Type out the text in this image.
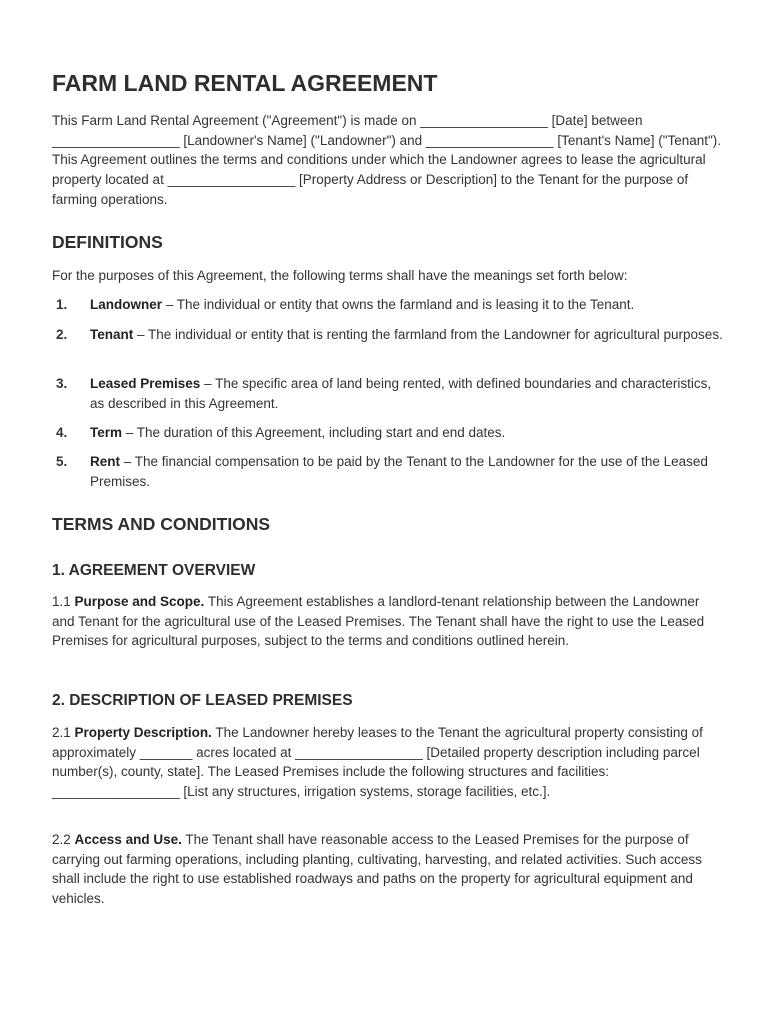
FARM LAND RENTAL AGREEMENT

This Farm Land Rental Agreement ("Agreement") is made on _________________ [Date] between _________________ [Landowner's Name] ("Landowner") and _________________ [Tenant's Name] ("Tenant"). This Agreement outlines the terms and conditions under which the Landowner agrees to lease the agricultural property located at _________________ [Property Address or Description] to the Tenant for the purpose of farming operations.

DEFINITIONS

For the purposes of this Agreement, the following terms shall have the meanings set forth below:

1. Landowner – The individual or entity that owns the farmland and is leasing it to the Tenant.
2. Tenant – The individual or entity that is renting the farmland from the Landowner for agricultural purposes.
3. Leased Premises – The specific area of land being rented, with defined boundaries and characteristics, as described in this Agreement.
4. Term – The duration of this Agreement, including start and end dates.
5. Rent – The financial compensation to be paid by the Tenant to the Landowner for the use of the Leased Premises.
TERMS AND CONDITIONS
1. AGREEMENT OVERVIEW

1.1 Purpose and Scope. This Agreement establishes a landlord-tenant relationship between the Landowner and Tenant for the agricultural use of the Leased Premises. The Tenant shall have the right to use the Leased Premises for agricultural purposes, subject to the terms and conditions outlined herein.

2. DESCRIPTION OF LEASED PREMISES

2.1 Property Description. The Landowner hereby leases to the Tenant the agricultural property consisting of approximately _______ acres located at _________________ [Detailed property description including parcel number(s), county, state]. The Leased Premises include the following structures and facilities: _________________ [List any structures, irrigation systems, storage facilities, etc.].

2.2 Access and Use. The Tenant shall have reasonable access to the Leased Premises for the purpose of carrying out farming operations, including planting, cultivating, harvesting, and related activities. Such access shall include the right to use established roadways and paths on the property for agricultural equipment and vehicles.
